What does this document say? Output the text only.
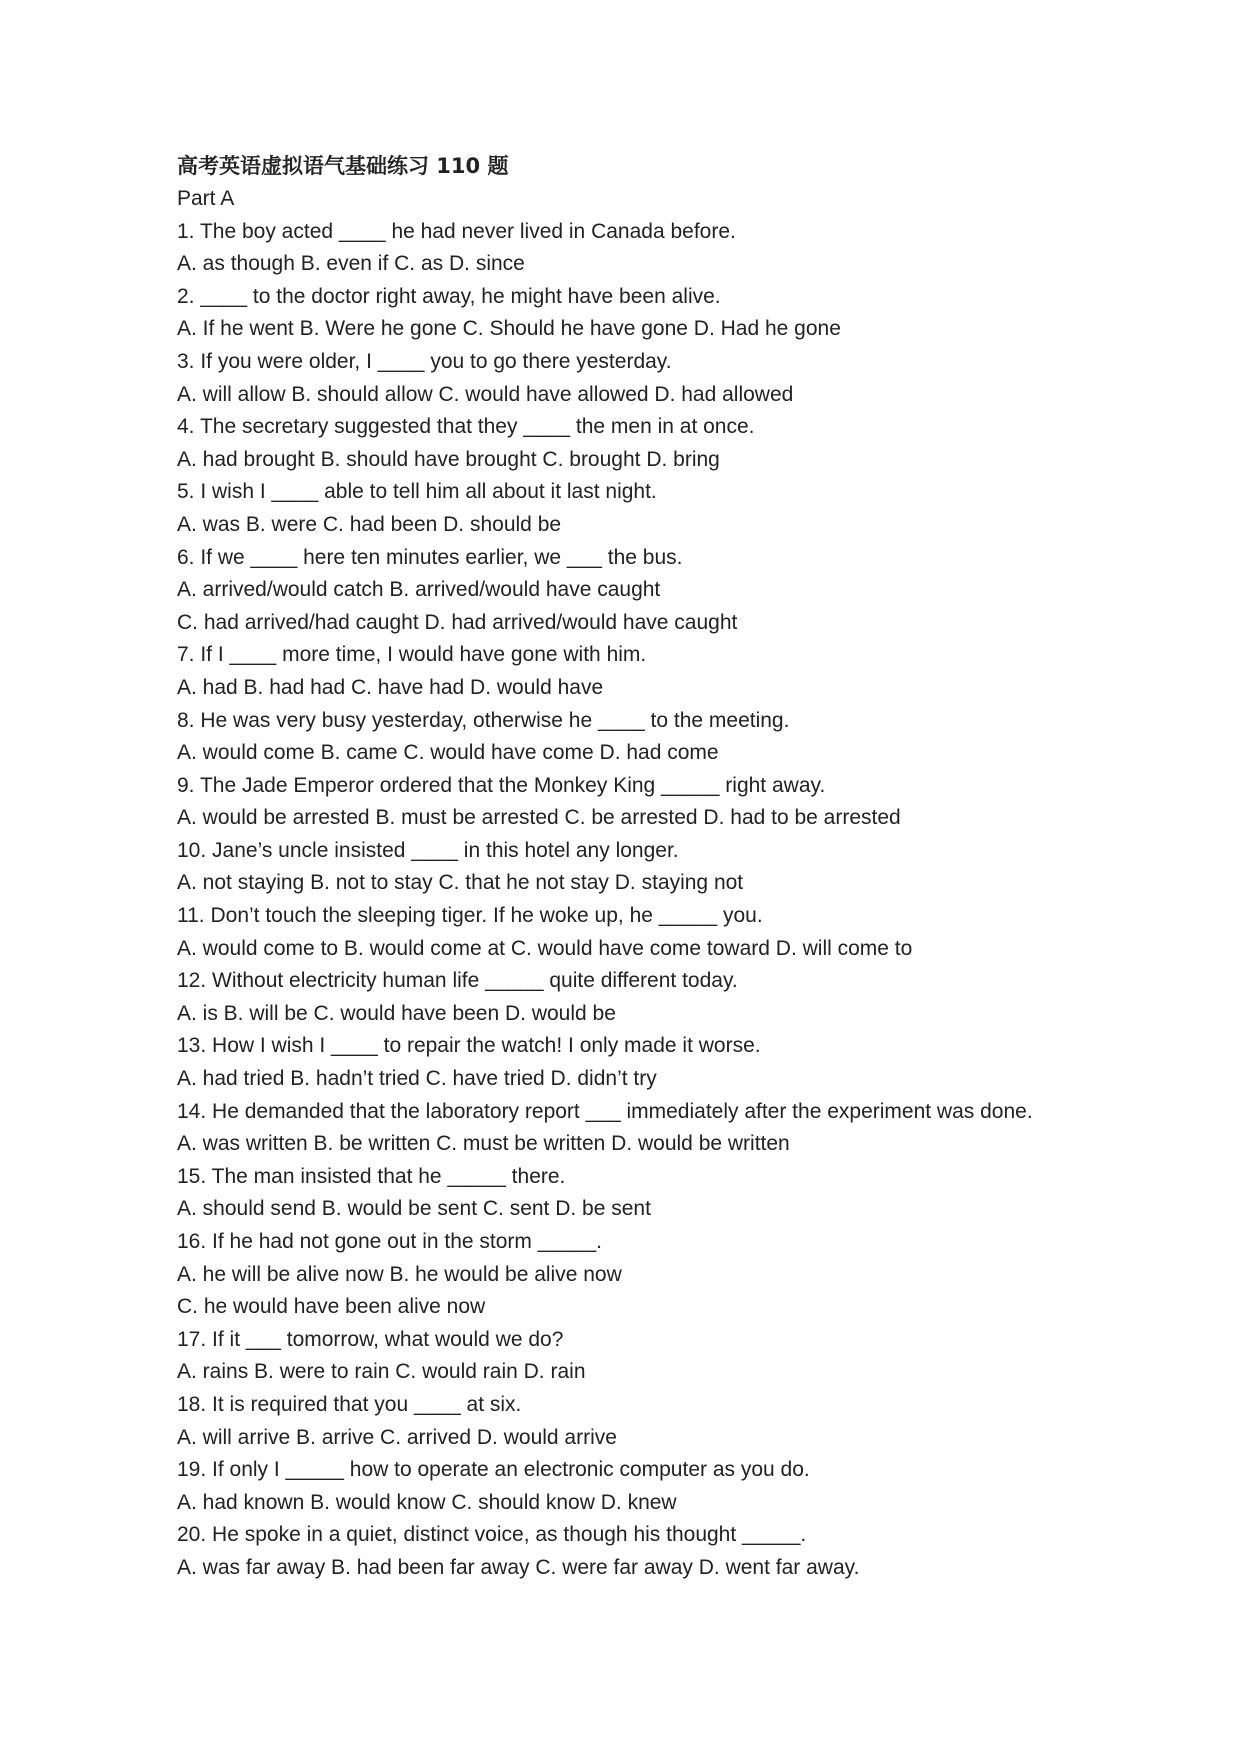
高考英语虚拟语气基础练习 110 题
Part A
1. The boy acted ____ he had never lived in Canada before.
A. as though B. even if C. as D. since
2. ____ to the doctor right away, he might have been alive.
A. If he went B. Were he gone C. Should he have gone D. Had he gone
3. If you were older, I ____ you to go there yesterday.
A. will allow B. should allow C. would have allowed D. had allowed
4. The secretary suggested that they ____ the men in at once.
A. had brought B. should have brought C. brought D. bring
5. I wish I ____ able to tell him all about it last night.
A. was B. were C. had been D. should be
6. If we ____ here ten minutes earlier, we ___ the bus.
A. arrived/would catch B. arrived/would have caught
C. had arrived/had caught D. had arrived/would have caught
7. If I ____ more time, I would have gone with him.
A. had B. had had C. have had D. would have
8. He was very busy yesterday, otherwise he ____ to the meeting.
A. would come B. came C. would have come D. had come
9. The Jade Emperor ordered that the Monkey King _____ right away.
A. would be arrested B. must be arrested C. be arrested D. had to be arrested
10. Jane’s uncle insisted ____ in this hotel any longer.
A. not staying B. not to stay C. that he not stay D. staying not
11. Don’t touch the sleeping tiger. If he woke up, he _____ you.
A. would come to B. would come at C. would have come toward D. will come to
12. Without electricity human life _____ quite different today.
A. is B. will be C. would have been D. would be
13. How I wish I ____ to repair the watch! I only made it worse.
A. had tried B. hadn’t tried C. have tried D. didn’t try
14. He demanded that the laboratory report ___ immediately after the experiment was done.
A. was written B. be written C. must be written D. would be written
15. The man insisted that he _____ there.
A. should send B. would be sent C. sent D. be sent
16. If he had not gone out in the storm _____.
A. he will be alive now B. he would be alive now
C. he would have been alive now
17. If it ___ tomorrow, what would we do?
A. rains B. were to rain C. would rain D. rain
18. It is required that you ____ at six.
A. will arrive B. arrive C. arrived D. would arrive
19. If only I _____ how to operate an electronic computer as you do.
A. had known B. would know C. should know D. knew
20. He spoke in a quiet, distinct voice, as though his thought _____.
A. was far away B. had been far away C. were far away D. went far away.
